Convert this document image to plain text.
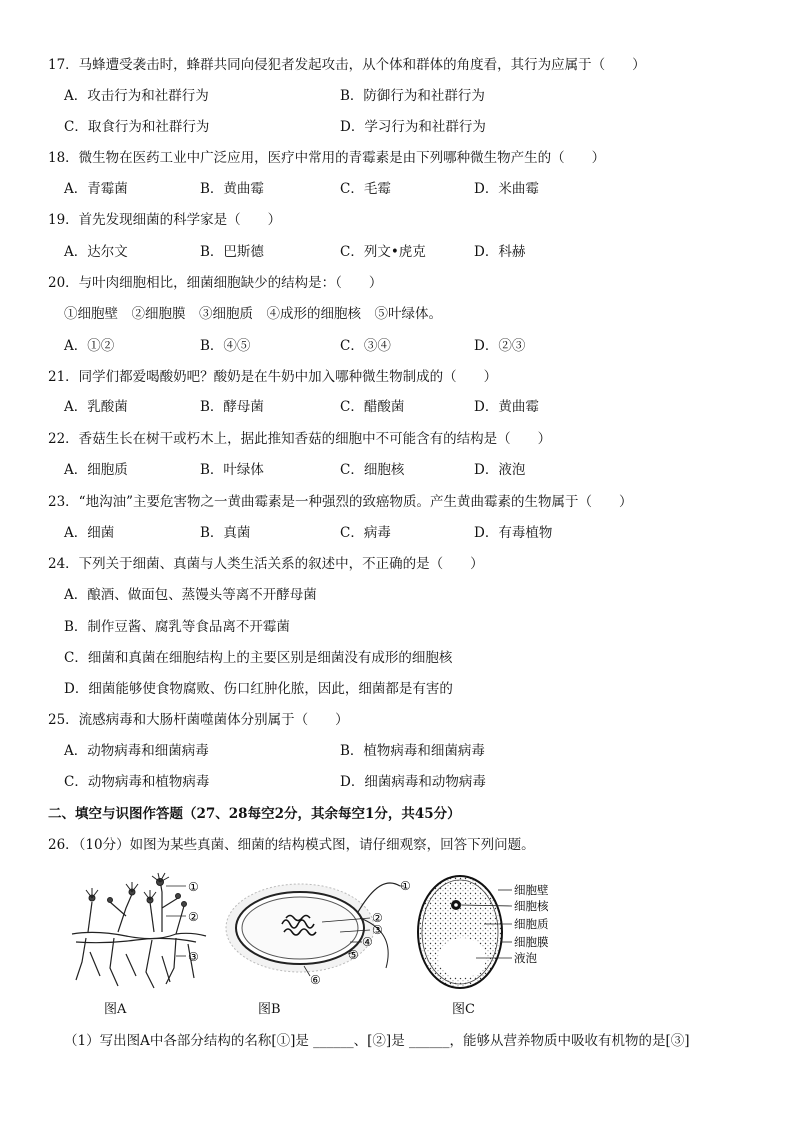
17．马蜂遭受袭击时，蜂群共同向侵犯者发起攻击，从个体和群体的角度看，其行为应属于（　　）
A．攻击行为和社群行为	B．防御行为和社群行为
C．取食行为和社群行为	D．学习行为和社群行为
18．微生物在医药工业中广泛应用，医疗中常用的青霉素是由下列哪种微生物产生的（　　）
A．青霉菌	B．黄曲霉	C．毛霉	D．米曲霉
19．首先发现细菌的科学家是（　　）
A．达尔文	B．巴斯德	C．列文•虎克	D．科赫
20．与叶肉细胞相比，细菌细胞缺少的结构是：（　　）
①细胞壁　②细胞膜　③细胞质　④成形的细胞核　⑤叶绿体。
A．①②	B．④⑤	C．③④	D．②③
21．同学们都爱喝酸奶吧？酸奶是在牛奶中加入哪种微生物制成的（　　）
A．乳酸菌	B．酵母菌	C．醋酸菌	D．黄曲霉
22．香菇生长在树干或朽木上，据此推知香菇的细胞中不可能含有的结构是（　　）
A．细胞质	B．叶绿体	C．细胞核	D．液泡
23．“地沟油”主要危害物之一黄曲霉素是一种强烈的致癌物质。产生黄曲霉素的生物属于（　　）
A．细菌	B．真菌	C．病毒	D．有毒植物
24．下列关于细菌、真菌与人类生活关系的叙述中，不正确的是（　　）
A．酿酒、做面包、蒸馒头等离不开酵母菌
B．制作豆酱、腐乳等食品离不开霉菌
C．细菌和真菌在细胞结构上的主要区别是细菌没有成形的细胞核
D．细菌能够使食物腐败、伤口红肿化脓，因此，细菌都是有害的
25．流感病毒和大肠杆菌噬菌体分别属于（　　）
A．动物病毒和细菌病毒	B．植物病毒和细菌病毒
C．动物病毒和植物病毒	D．细菌病毒和动物病毒
二、填空与识图作答题（27、28每空2分，其余每空1分，共45分）
26．（10分）如图为某些真菌、细菌的结构模式图，请仔细观察，回答下列问题。
①
②
③
图A
①
②
③
④
⑤
⑥
图B
细胞壁
细胞核
细胞质
细胞膜
液泡
图C
（1）写出图A中各部分结构的名称[①]是 ______、[②]是 ______，能够从营养物质中吸收有机物的是[③]
